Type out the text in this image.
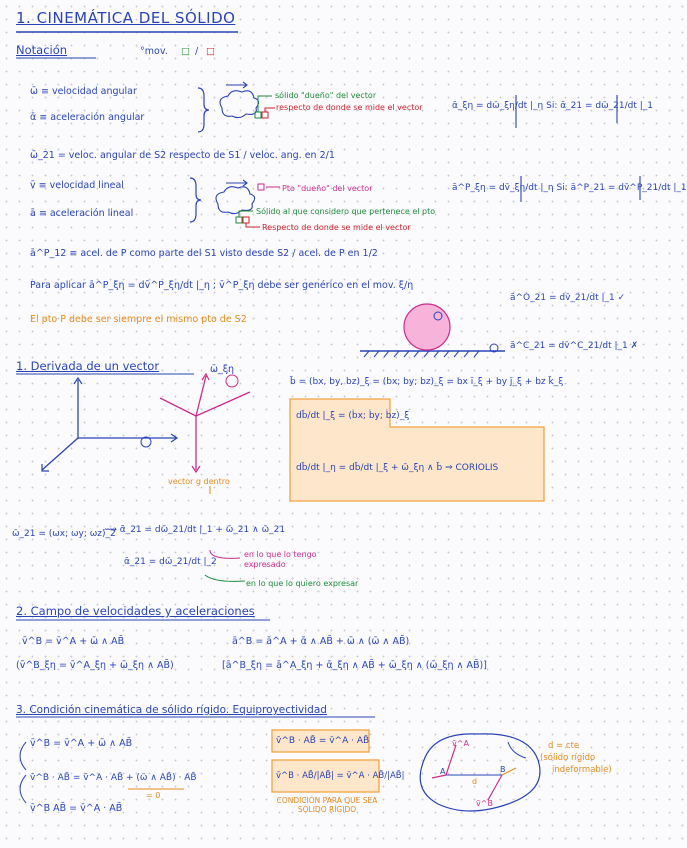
1. CINEMÁTICA DEL SÓLIDO
Notación	°mov. □ / □
ω̄ ≡ velocidad angular
ᾱ ≡ aceleración angular
sólido "dueño" del vector
respecto de donde se mide el vector	ᾱ_ξη = dω̄_ξη/dt |_η Si: ᾱ_21 = dω̄_21/dt |_1
ω̄_21 = veloc. angular de S2 respecto de S1 / veloc. ang. en 2/1
v̄ ≡ velocidad lineal
ā ≡ aceleración lineal
Pto "dueño" del vector
Sólido al que considero que pertenece el pto
Respecto de donde se mide el vector
ā^P_ξη = dv̄_ξη/dt |_η Si: ā^P_21 = dv̄^P_21/dt |_1
ā^P_12 ≡ acel. de P como parte del S1 visto desde S2 / acel. de P en 1/2
Para aplicar ā^P_ξη = dv̄^P_ξη/dt |_η ; v̄^P_ξη debe ser genérico en el mov. ξ/η
El pto P debe ser siempre el mismo pto de S2
ā^O_21 = dv̄_21/dt |_1 ✓
ā^C_21 = dv̄^C_21/dt |_1 ✗
1. Derivada de un vector	ω̄_ξη
vector g dentro
b̄ = (bx, by, bz)_ξ = (bx; by; bz)_ξ = bx ī_ξ + by j̄_ξ + bz k̄_ξ
db̄/dt |_ξ = (ḃx; ḃy; ḃz)_ξ
db̄/dt |_η = db̄/dt |_ξ + ω̄_ξη ∧ b̄ ⇒ CORIOLIS
ω̄_21 = (ωx; ωy; ωz)_2
⟿ ᾱ_21 = dω̄_21/dt |_1 + ω̄_21 ∧ ω̄_21
ᾱ_21 = dω̄_21/dt |_2
en lo que lo tengo expresado
en lo que lo quiero expresar
2. Campo de velocidades y aceleraciones
v̄^B = v̄^A + ω̄ ∧ AB̄
(v̄^B_ξη = v̄^A_ξη + ω̄_ξη ∧ AB̄)
ā^B = ā^A + ᾱ ∧ AB̄ + ω̄ ∧ (ω̄ ∧ AB̄)
[ā^B_ξη = ā^A_ξη + ᾱ_ξη ∧ AB̄ + ω̄_ξη ∧ (ω̄_ξη ∧ AB̄)]
3. Condición cinemática de sólido rígido. Equiproyectividad
v̄^B = v̄^A + ω̄ ∧ AB̄
v̄^B · AB̄ = v̄^A · AB̄ + (ω̄ ∧ AB̄) · AB̄
= 0
v̄^B AB̄ = v̄^A · AB̄
v̄^B · AB̄ = v̄^A · AB̄
v̄^B · AB̄/|AB̄| = v̄^A · AB̄/|AB̄|
CONDICIÓN PARA QUE SEA SÓLIDO RÍGIDO
d = cte
(sólido rígido
indeformable)
v̄^A
v̄^B
d
A	B
